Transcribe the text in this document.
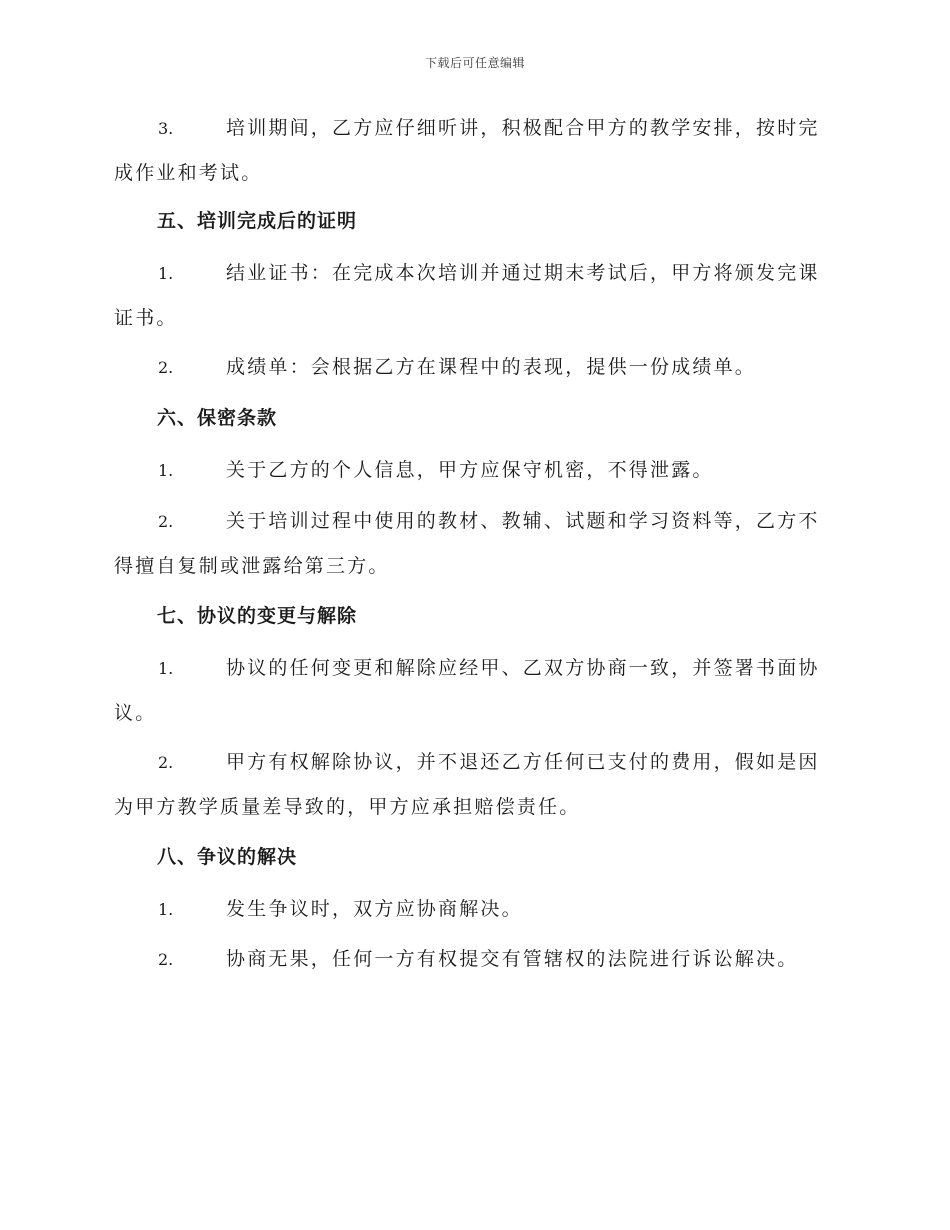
下载后可任意编辑
3.	培训期间，乙方应仔细听讲，积极配合甲方的教学安排，按时完成作业和考试。
五、培训完成后的证明
1.	结业证书：在完成本次培训并通过期末考试后，甲方将颁发完课证书。
2.	成绩单：会根据乙方在课程中的表现，提供一份成绩单。
六、保密条款
1.	关于乙方的个人信息，甲方应保守机密，不得泄露。
2.	关于培训过程中使用的教材、教辅、试题和学习资料等，乙方不得擅自复制或泄露给第三方。
七、协议的变更与解除
1.	协议的任何变更和解除应经甲、乙双方协商一致，并签署书面协议。
2.	甲方有权解除协议，并不退还乙方任何已支付的费用，假如是因为甲方教学质量差导致的，甲方应承担赔偿责任。
八、争议的解决
1.	发生争议时，双方应协商解决。
2.	协商无果，任何一方有权提交有管辖权的法院进行诉讼解决。
